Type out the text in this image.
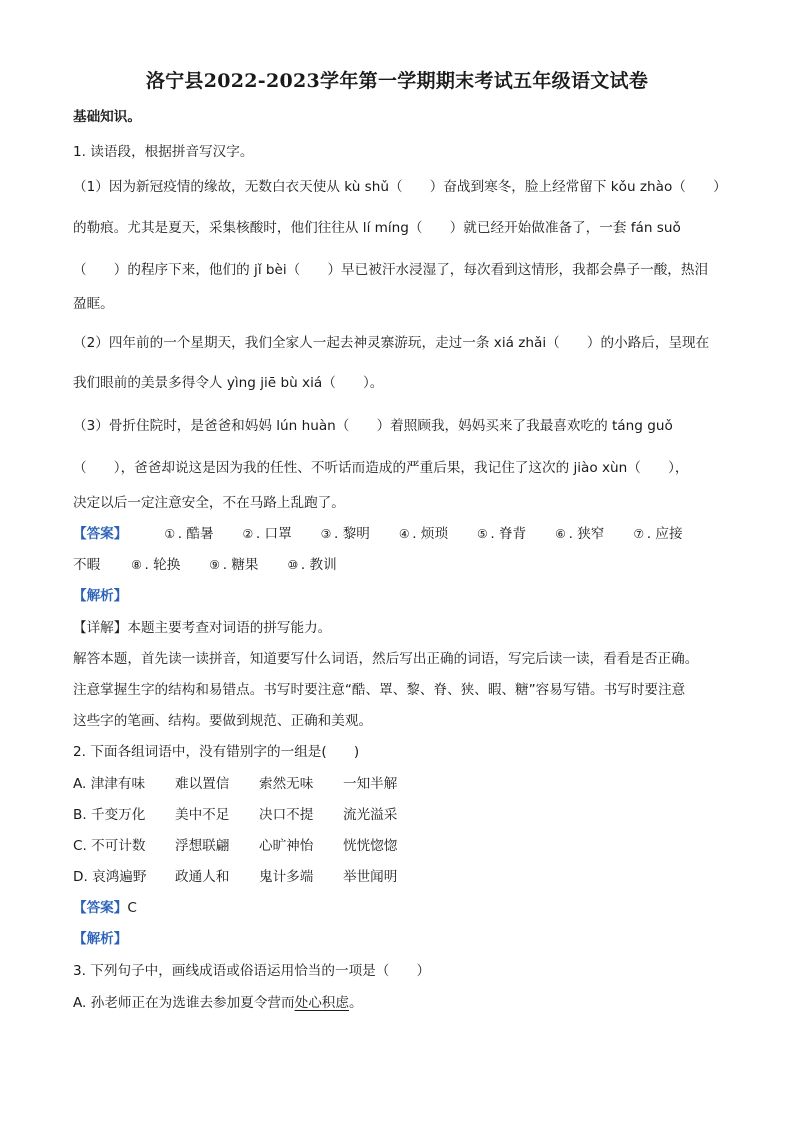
洛宁县2022-2023学年第一学期期末考试五年级语文试卷
基础知识。
1. 读语段，根据拼音写汉字。
（1）因为新冠疫情的缘故，无数白衣天使从 kù shǔ（　　）奋战到寒冬，脸上经常留下 kǒu zhào（　　）
的勒痕。尤其是夏天，采集核酸时，他们往往从 lí míng（　　）就已经开始做准备了，一套 fán suǒ
（　　）的程序下来，他们的 jǐ bèi（　　）早已被汗水浸湿了，每次看到这情形，我都会鼻子一酸，热泪
盈眶。
（2）四年前的一个星期天，我们全家人一起去神灵寨游玩，走过一条 xiá zhǎi（　　）的小路后，呈现在
我们眼前的美景多得令人 yìng jiē bù xiá（　　）。
（3）骨折住院时，是爸爸和妈妈 lún huàn（　　）着照顾我，妈妈买来了我最喜欢吃的 táng guǒ
（　　），爸爸却说这是因为我的任性、不听话而造成的严重后果，我记住了这次的 jiào xùn（　　），
决定以后一定注意安全，不在马路上乱跑了。
【答案】	① . 酷暑 ② . 口罩 ③ . 黎明 ④ . 烦琐 ⑤ . 脊背 ⑥ . 狭窄 ⑦ . 应接
不暇	⑧ . 轮换 ⑨ . 糖果 ⑩ . 教训
【解析】
【详解】本题主要考查对词语的拼写能力。
解答本题，首先读一读拼音，知道要写什么词语，然后写出正确的词语，写完后读一读，看看是否正确。
注意掌握生字的结构和易错点。书写时要注意“酷、罩、黎、脊、狭、暇、糖”容易写错。书写时要注意
这些字的笔画、结构。要做到规范、正确和美观。
2. 下面各组词语中，没有错别字的一组是(　　)
A. 津津有味 难以置信 索然无味 一知半解
B. 千变万化 美中不足 决口不提 流光溢采
C. 不可计数 浮想联翩 心旷神怡 恍恍惚惚
D. 哀鸿遍野 政通人和 鬼计多端 举世闻明
【答案】C
【解析】
3. 下列句子中，画线成语或俗语运用恰当的一项是（　　）
A. 孙老师正在为选谁去参加夏令营而处心积虑。
